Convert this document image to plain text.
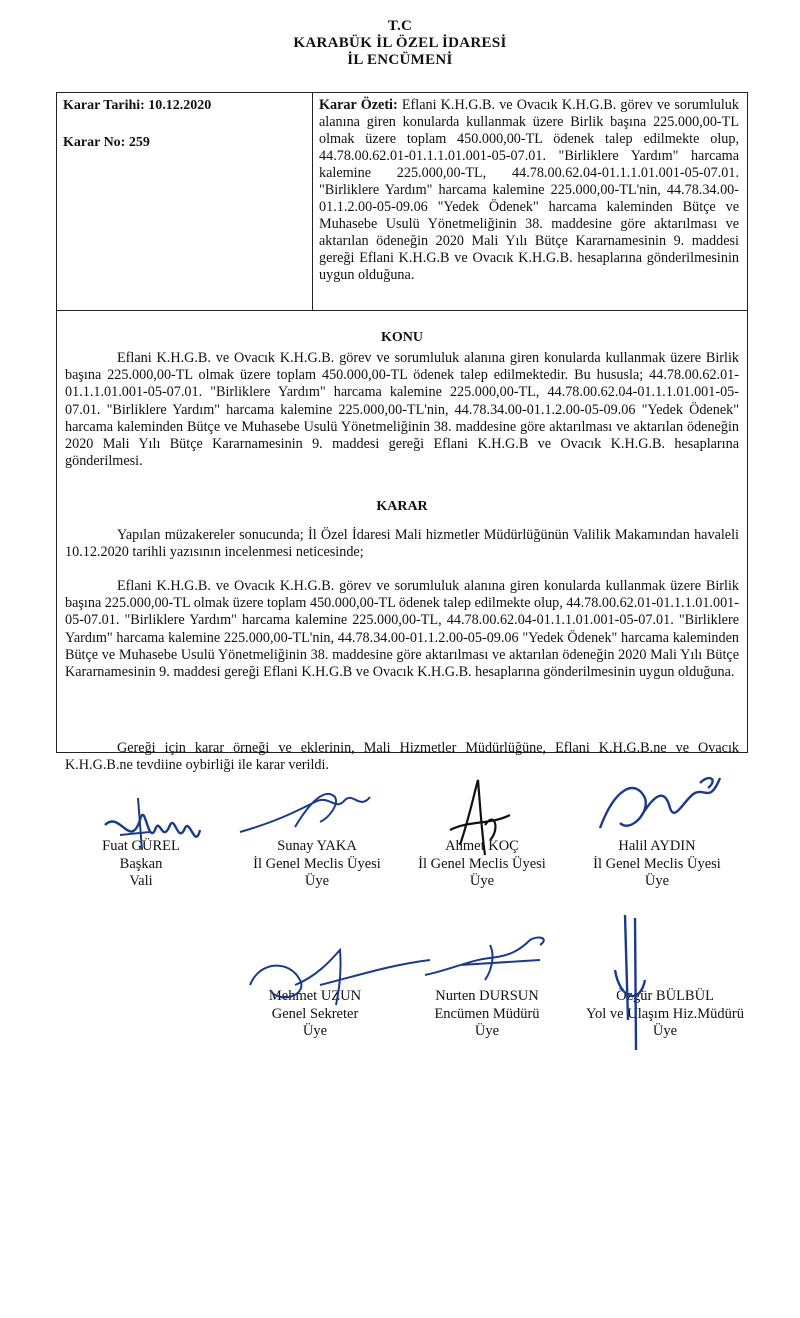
T.C
KARABÜK İL ÖZEL İDARESİ
İL ENCÜMENİ
Karar Tarihi: 10.12.2020
Karar No: 259
Karar Özeti: Eflani K.H.G.B. ve Ovacık K.H.G.B. görev ve sorumluluk alanına giren konularda kullanmak üzere Birlik başına 225.000,00-TL olmak üzere toplam 450.000,00-TL ödenek talep edilmekte olup, 44.78.00.62.01-01.1.1.01.001-05-07.01. "Birliklere Yardım" harcama kalemine 225.000,00-TL, 44.78.00.62.04-01.1.1.01.001-05-07.01. "Birliklere Yardım" harcama kalemine 225.000,00-TL'nin, 44.78.34.00-01.1.2.00-05-09.06 "Yedek Ödenek" harcama kaleminden Bütçe ve Muhasebe Usulü Yönetmeliğinin 38. maddesine göre aktarılması ve aktarılan ödeneğin 2020 Mali Yılı Bütçe Kararnamesinin 9. maddesi gereği Eflani K.H.G.B ve Ovacık K.H.G.B. hesaplarına gönderilmesinin uygun olduğuna.
KONU
Eflani K.H.G.B. ve Ovacık K.H.G.B. görev ve sorumluluk alanına giren konularda kullanmak üzere Birlik başına 225.000,00-TL olmak üzere toplam 450.000,00-TL ödenek talep edilmektedir. Bu hususla; 44.78.00.62.01-01.1.1.01.001-05-07.01. "Birliklere Yardım" harcama kalemine 225.000,00-TL, 44.78.00.62.04-01.1.1.01.001-05-07.01. "Birliklere Yardım" harcama kalemine 225.000,00-TL'nin, 44.78.34.00-01.1.2.00-05-09.06 "Yedek Ödenek" harcama kaleminden Bütçe ve Muhasebe Usulü Yönetmeliğinin 38. maddesine göre aktarılması ve aktarılan ödeneğin 2020 Mali Yılı Bütçe Kararnamesinin 9. maddesi gereği Eflani K.H.G.B ve Ovacık K.H.G.B. hesaplarına gönderilmesi.
KARAR
Yapılan müzakereler sonucunda; İl Özel İdaresi Mali hizmetler Müdürlüğünün Valilik Makamından havaleli 10.12.2020 tarihli yazısının incelenmesi neticesinde;
Eflani K.H.G.B. ve Ovacık K.H.G.B. görev ve sorumluluk alanına giren konularda kullanmak üzere Birlik başına 225.000,00-TL olmak üzere toplam 450.000,00-TL ödenek talep edilmekte olup, 44.78.00.62.01-01.1.1.01.001-05-07.01. "Birliklere Yardım" harcama kalemine 225.000,00-TL, 44.78.00.62.04-01.1.1.01.001-05-07.01. "Birliklere Yardım" harcama kalemine 225.000,00-TL'nin, 44.78.34.00-01.1.2.00-05-09.06 "Yedek Ödenek" harcama kaleminden Bütçe ve Muhasebe Usulü Yönetmeliğinin 38. maddesine göre aktarılması ve aktarılan ödeneğin 2020 Mali Yılı Bütçe Kararnamesinin 9. maddesi gereği Eflani K.H.G.B ve Ovacık K.H.G.B. hesaplarına gönderilmesinin uygun olduğuna.
Gereği için karar örneği ve eklerinin, Mali Hizmetler Müdürlüğüne, Eflani K.H.G.B.ne ve Ovacık K.H.G.B.ne tevdiine oybirliği ile karar verildi.
Fuat GÜREL
Başkan
Vali
Sunay YAKA
İl Genel Meclis Üyesi
Üye
Ahmet KOÇ
İl Genel Meclis Üyesi
Üye
Halil AYDIN
İl Genel Meclis Üyesi
Üye
Mehmet UZUN
Genel Sekreter
Üye
Nurten DURSUN
Encümen Müdürü
Üye
Özgür BÜLBÜL
Yol ve Ulaşım Hiz.Müdürü
Üye
